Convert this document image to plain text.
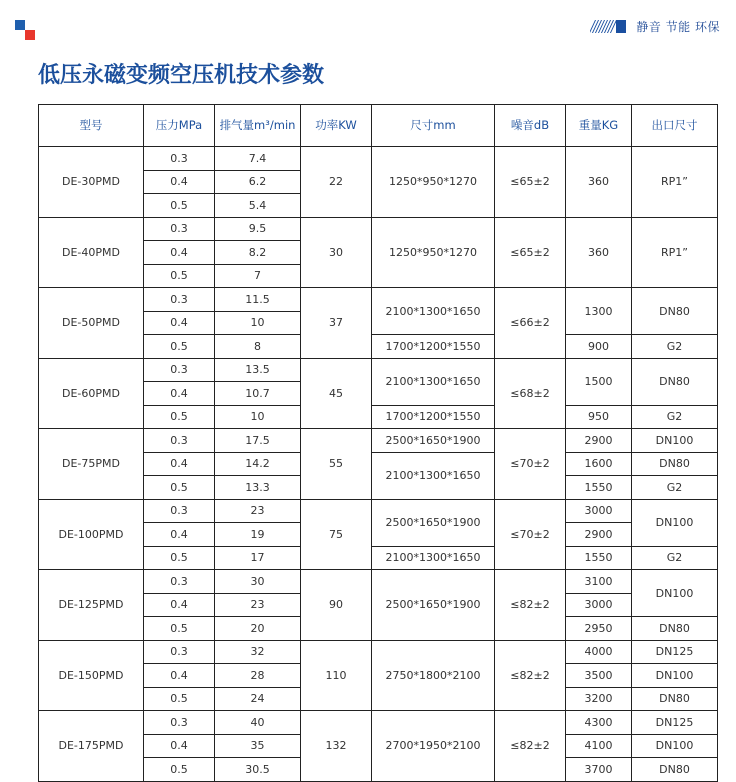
静音 节能 环保
低压永磁变频空压机技术参数
型号	压力MPa	排气量m³/min	功率KW	尺寸mm	噪音dB	重量KG	出口尺寸
DE-30PMD	0.3	7.4	22	1250*950*1270	≤65±2	360	RP1”
	0.4	6.2					
	0.5	5.4					
DE-40PMD	0.3	9.5	30	1250*950*1270	≤65±2	360	RP1”
	0.4	8.2					
	0.5	7					
DE-50PMD	0.3	11.5	37	2100*1300*1650	≤66±2	1300	DN80
	0.4	10					
	0.5	8		1700*1200*1550		900	G2
DE-60PMD	0.3	13.5	45	2100*1300*1650	≤68±2	1500	DN80
	0.4	10.7					
	0.5	10		1700*1200*1550		950	G2
DE-75PMD	0.3	17.5	55	2500*1650*1900	≤70±2	2900	DN100
	0.4	14.2		2100*1300*1650		1600	DN80
	0.5	13.3				1550	G2
DE-100PMD	0.3	23	75	2500*1650*1900	≤70±2	3000	DN100
	0.4	19				2900	
	0.5	17		2100*1300*1650		1550	G2
DE-125PMD	0.3	30	90	2500*1650*1900	≤82±2	3100	DN100
	0.4	23				3000	
	0.5	20				2950	DN80
DE-150PMD	0.3	32	110	2750*1800*2100	≤82±2	4000	DN125
	0.4	28				3500	DN100
	0.5	24				3200	DN80
DE-175PMD	0.3	40	132	2700*1950*2100	≤82±2	4300	DN125
	0.4	35				4100	DN100
	0.5	30.5				3700	DN80
